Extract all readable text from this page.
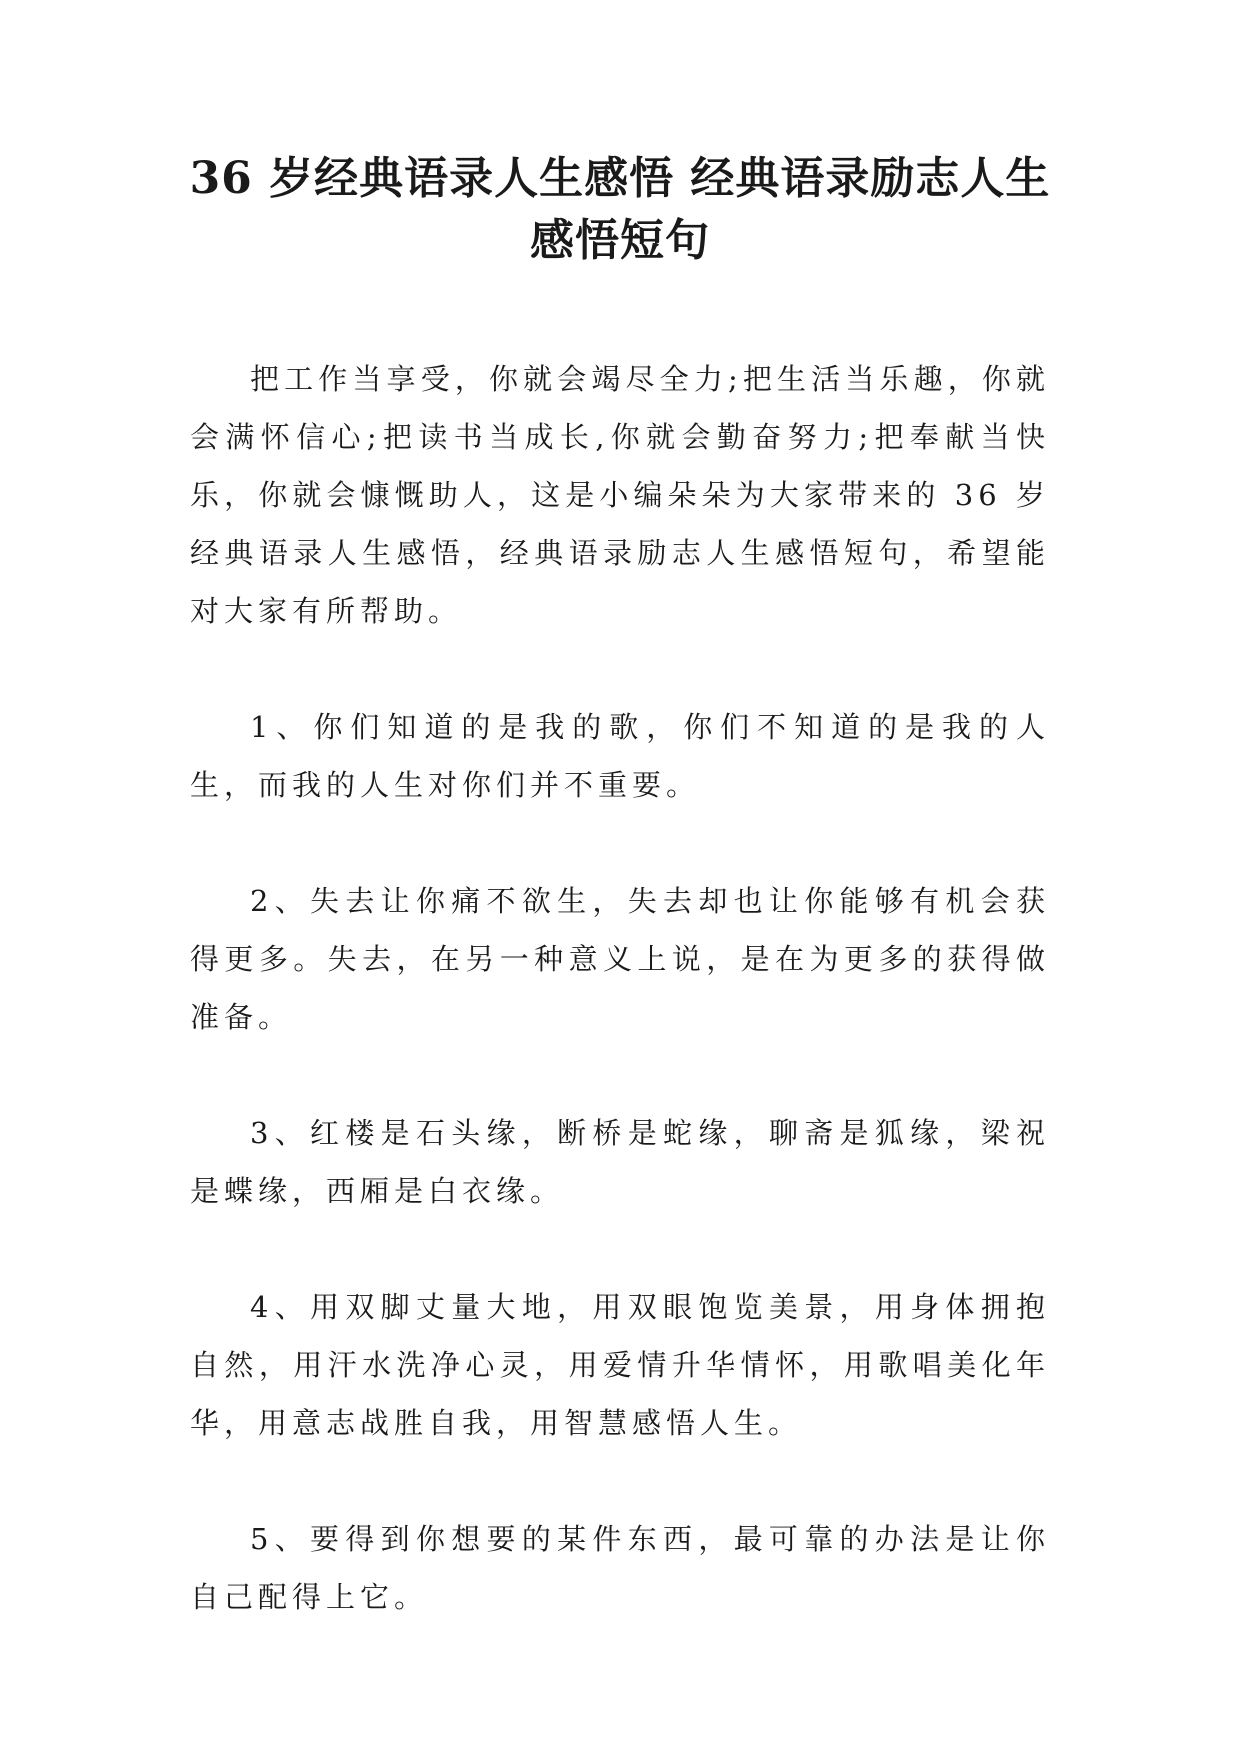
36 岁经典语录人生感悟 经典语录励志人生
感悟短句

把工作当享受，你就会竭尽全力;把生活当乐趣，你就会满怀信心;把读书当成长,你就会勤奋努力;把奉献当快乐，你就会慷慨助人，这是小编朵朵为大家带来的 36 岁经典语录人生感悟，经典语录励志人生感悟短句，希望能对大家有所帮助。

1、你们知道的是我的歌，你们不知道的是我的人生，而我的人生对你们并不重要。

2、失去让你痛不欲生，失去却也让你能够有机会获得更多。失去，在另一种意义上说，是在为更多的获得做准备。

3、红楼是石头缘，断桥是蛇缘，聊斋是狐缘，梁祝是蝶缘，西厢是白衣缘。

4、用双脚丈量大地，用双眼饱览美景，用身体拥抱自然，用汗水洗净心灵，用爱情升华情怀，用歌唱美化年华，用意志战胜自我，用智慧感悟人生。

5、要得到你想要的某件东西，最可靠的办法是让你自己配得上它。
